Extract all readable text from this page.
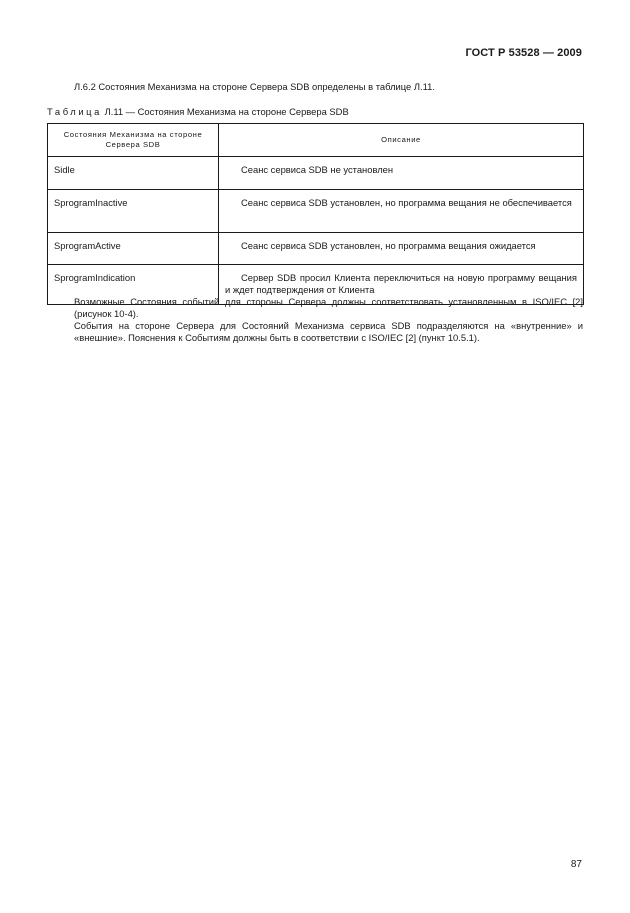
ГОСТ Р 53528 — 2009
Л.6.2 Состояния Механизма на стороне Сервера SDB определены в таблице Л.11.
Таблица Л.11 — Состояния Механизма на стороне Сервера SDB
Состояния Механизма на стороне Сервера SDB	Описание
Sidle	Сеанс сервиса SDB не установлен

SprogramInactive	Сеанс сервиса SDB установлен, но программа вещания не обеспечивается

SprogramActive	Сеанс сервиса SDB установлен, но программа вещания ожидается

SprogramIndication	Сервер SDB просил Клиента переключиться на новую программу вещания и ждет подтверждения от Клиента
Возможные Состояния событий для стороны Сервера должны соответствовать установленным в ISO/IEC [2] (рисунок 10-4).
События на стороне Сервера для Состояний Механизма сервиса SDB подразделяются на «внутренние» и «внешние». Пояснения к Событиям должны быть в соответствии с ISO/IEC [2] (пункт 10.5.1).
87
